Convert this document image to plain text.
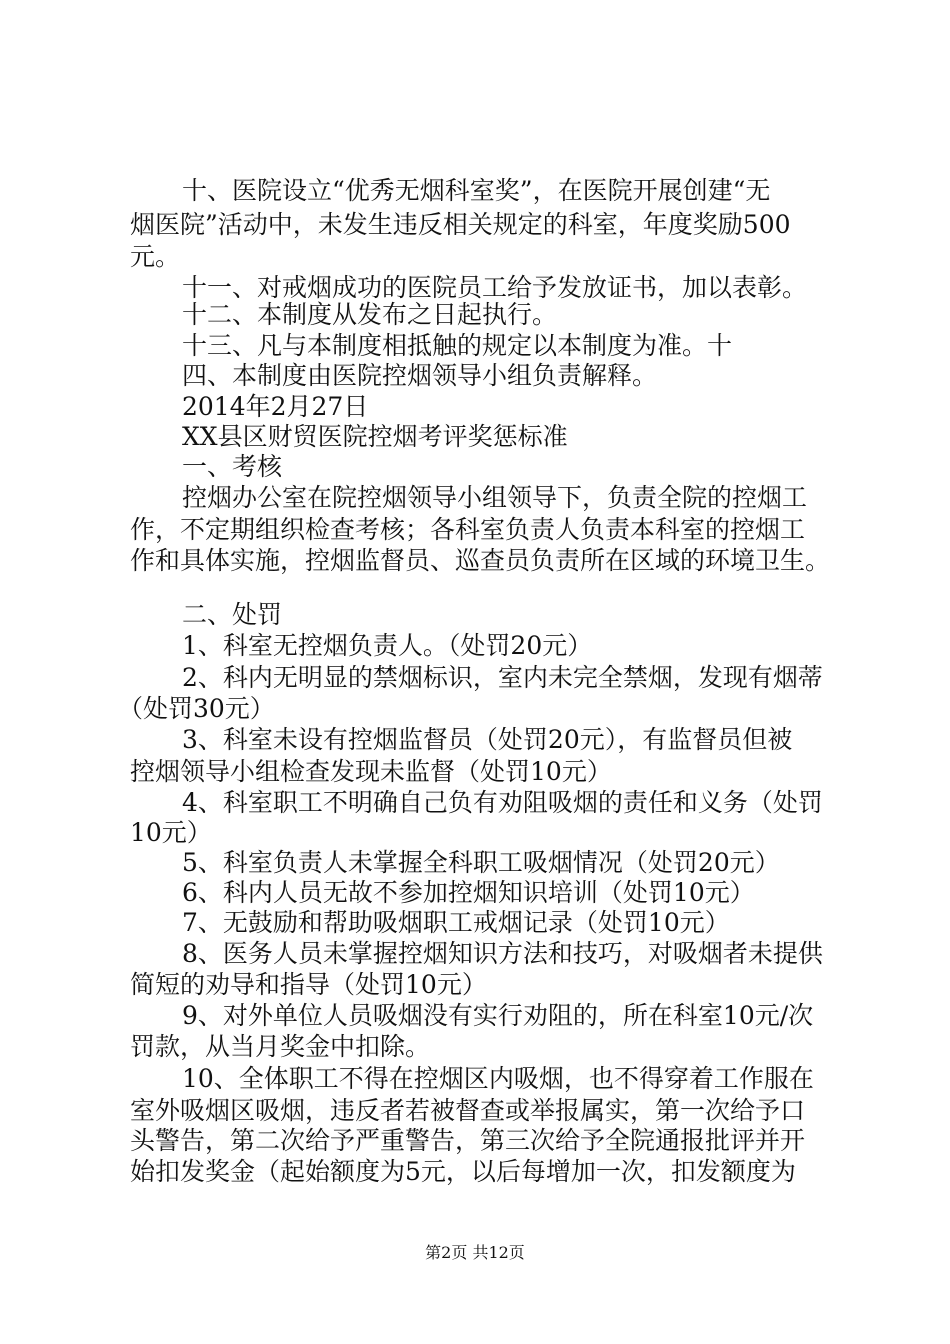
十、医院设立“优秀无烟科室奖”，在医院开展创建“无
烟医院”活动中，未发生违反相关规定的科室，年度奖励500
元。
十一、对戒烟成功的医院员工给予发放证书，加以表彰。
十二、本制度从发布之日起执行。
十三、凡与本制度相抵触的规定以本制度为准。十
四、本制度由医院控烟领导小组负责解释。
2014年2月27日
XX县区财贸医院控烟考评奖惩标准
一、考核
控烟办公室在院控烟领导小组领导下，负责全院的控烟工
作，不定期组织检查考核；各科室负责人负责本科室的控烟工
作和具体实施，控烟监督员、巡查员负责所在区域的环境卫生。
二、处罚
1、科室无控烟负责人。（处罚20元）
2、科内无明显的禁烟标识，室内未完全禁烟，发现有烟蒂
（处罚30元）
3、科室未设有控烟监督员（处罚20元），有监督员但被
控烟领导小组检查发现未监督（处罚10元）
4、科室职工不明确自己负有劝阻吸烟的责任和义务（处罚
10元）
5、科室负责人未掌握全科职工吸烟情况（处罚20元）
6、科内人员无故不参加控烟知识培训（处罚10元）
7、无鼓励和帮助吸烟职工戒烟记录（处罚10元）
8、医务人员未掌握控烟知识方法和技巧，对吸烟者未提供
简短的劝导和指导（处罚10元）
9、对外单位人员吸烟没有实行劝阻的，所在科室10元/次
罚款，从当月奖金中扣除。
10、全体职工不得在控烟区内吸烟，也不得穿着工作服在
室外吸烟区吸烟，违反者若被督查或举报属实，第一次给予口
头警告，第二次给予严重警告，第三次给予全院通报批评并开
始扣发奖金（起始额度为5元，以后每增加一次，扣发额度为
第2页 共12页
